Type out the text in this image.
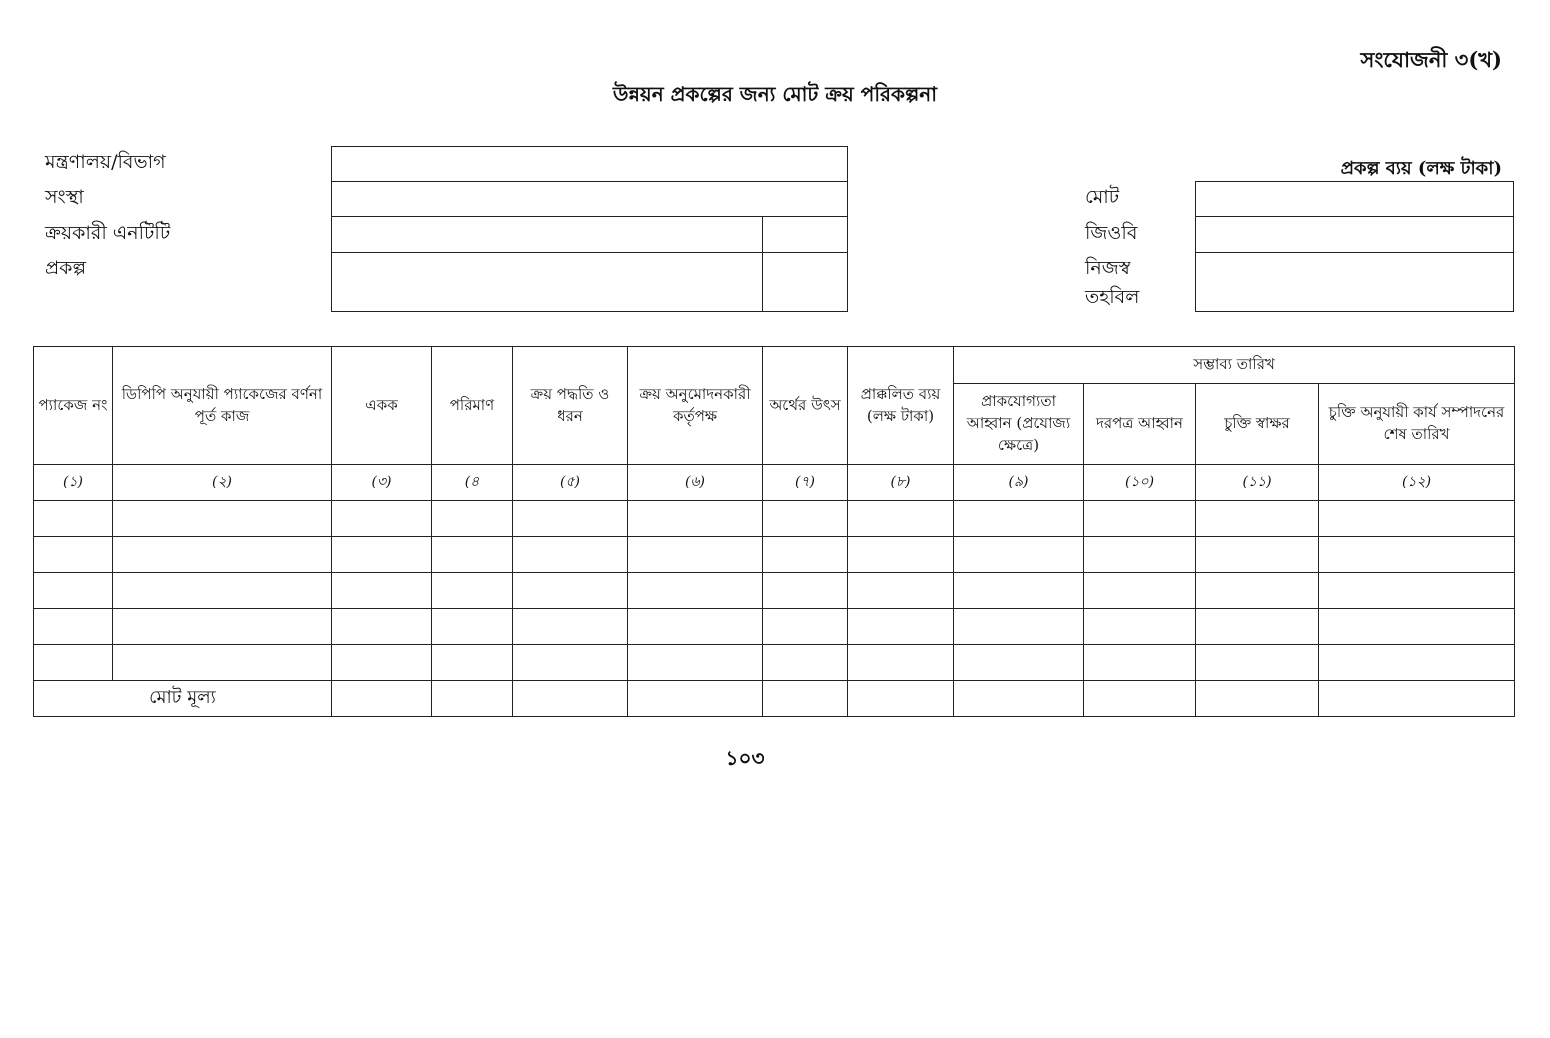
সংযোজনী ৩(খ)
উন্নয়ন প্রকল্পের জন্য মোট ক্রয় পরিকল্পনা
মন্ত্রণালয়/বিভাগ
সংস্থা
ক্রয়কারী এনটিটি
প্রকল্প
প্রকল্প ব্যয় (লক্ষ টাকা)
মোট
জিওবি
নিজস্ব
তহবিল
প্যাকেজ নং	ডিপিপি অনুযায়ী প্যাকেজের বর্ণনা পূর্ত কাজ	একক	পরিমাণ	ক্রয় পদ্ধতি ও ধরন	ক্রয় অনুমোদনকারী কর্তৃপক্ষ	অর্থের উৎস	প্রাক্কলিত ব্যয় (লক্ষ টাকা)	সম্ভাব্য তারিখ			
								প্রাকযোগ্যতা আহ্বান (প্রযোজ্য ক্ষেত্রে)	দরপত্র আহ্বান	চুক্তি স্বাক্ষর	চুক্তি অনুযায়ী কার্য সম্পাদনের শেষ তারিখ
(১)	(২)	(৩)	(৪	(৫)	(৬)	(৭)	(৮)	(৯)	(১০)	(১১)	(১২)

মোট মূল্য											
১০৩
